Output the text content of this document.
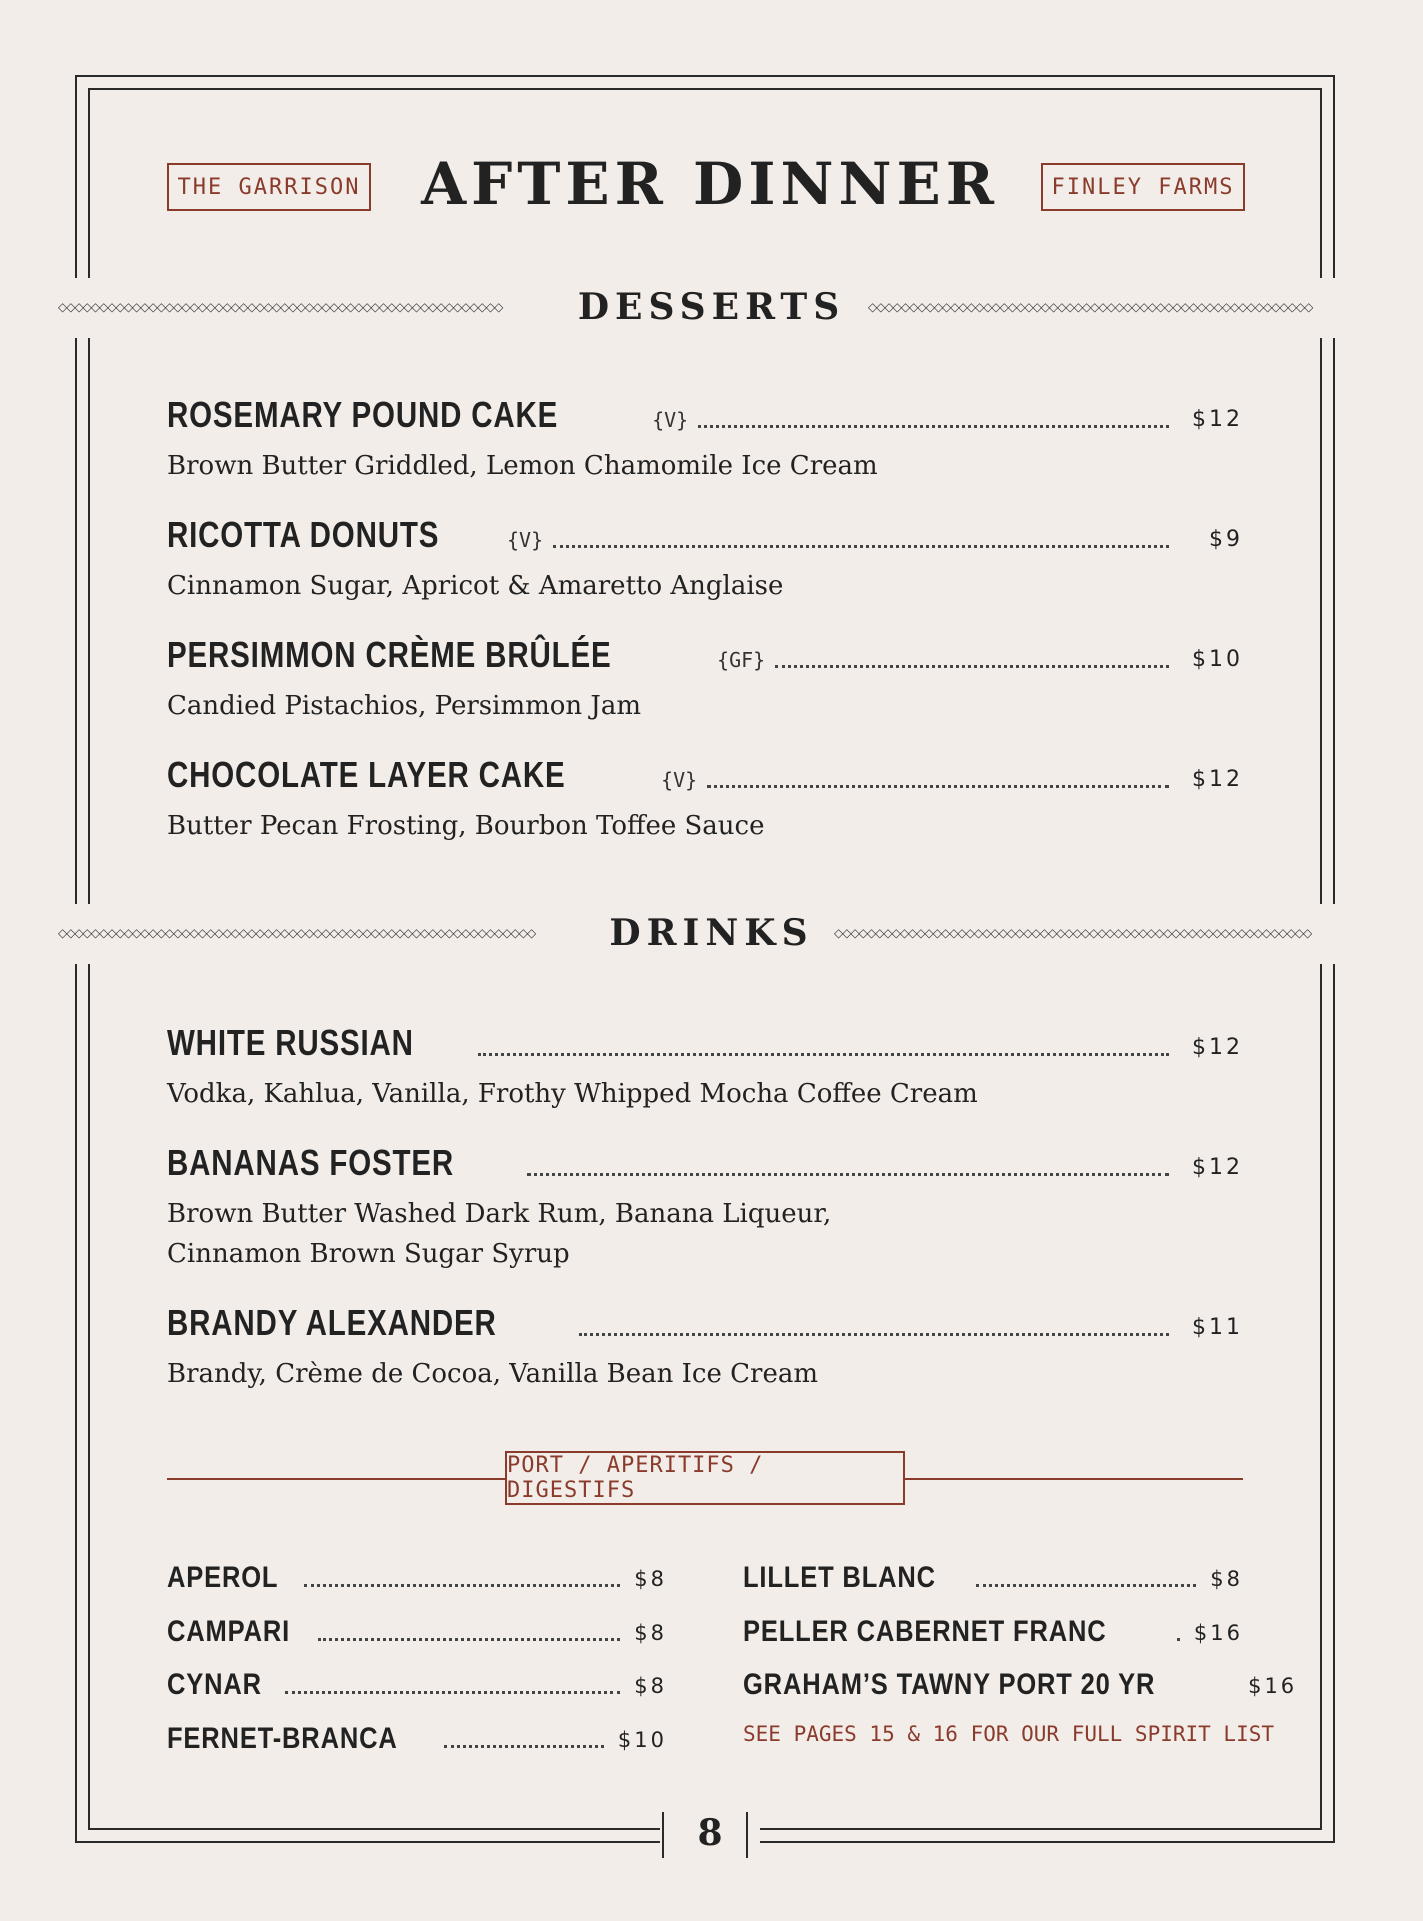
THE GARRISON	AFTER DINNER	FINLEY FARMS
◇◇◇◇◇◇◇◇◇◇◇◇◇◇◇◇◇◇◇◇◇◇◇◇◇◇◇◇◇◇◇◇◇◇◇◇◇◇◇◇◇◇◇◇◇◇◇◇◇◇◇◇◇◇	DESSERTS	◇◇◇◇◇◇◇◇◇◇◇◇◇◇◇◇◇◇◇◇◇◇◇◇◇◇◇◇◇◇◇◇◇◇◇◇◇◇◇◇◇◇◇◇◇◇◇◇◇◇◇◇◇◇
ROSEMARY POUND CAKE	{V}	$12
Brown Butter Griddled, Lemon Chamomile Ice Cream
RICOTTA DONUTS	{V}	$9
Cinnamon Sugar, Apricot & Amaretto Anglaise
PERSIMMON CRÈME BRÛLÉE	{GF}	$10
Candied Pistachios, Persimmon Jam
CHOCOLATE LAYER CAKE	{V}	$12
Butter Pecan Frosting, Bourbon Toffee Sauce
◇◇◇◇◇◇◇◇◇◇◇◇◇◇◇◇◇◇◇◇◇◇◇◇◇◇◇◇◇◇◇◇◇◇◇◇◇◇◇◇◇◇◇◇◇◇◇◇◇◇◇◇◇◇◇◇◇◇	DRINKS	◇◇◇◇◇◇◇◇◇◇◇◇◇◇◇◇◇◇◇◇◇◇◇◇◇◇◇◇◇◇◇◇◇◇◇◇◇◇◇◇◇◇◇◇◇◇◇◇◇◇◇◇◇◇◇◇◇◇
WHITE RUSSIAN	$12
Vodka, Kahlua, Vanilla, Frothy Whipped Mocha Coffee Cream
BANANAS FOSTER	$12
Brown Butter Washed Dark Rum, Banana Liqueur,
Cinnamon Brown Sugar Syrup
BRANDY ALEXANDER	$11
Brandy, Crème de Cocoa, Vanilla Bean Ice Cream
PORT / APERITIFS / DIGESTIFS
APEROL	$8
CAMPARI	$8
CYNAR	$8
FERNET-BRANCA	$10
LILLET BLANC	$8
PELLER CABERNET FRANC	$16
GRAHAM’S TAWNY PORT 20 YR	$16
SEE PAGES 15 & 16 FOR OUR FULL SPIRIT LIST
8
